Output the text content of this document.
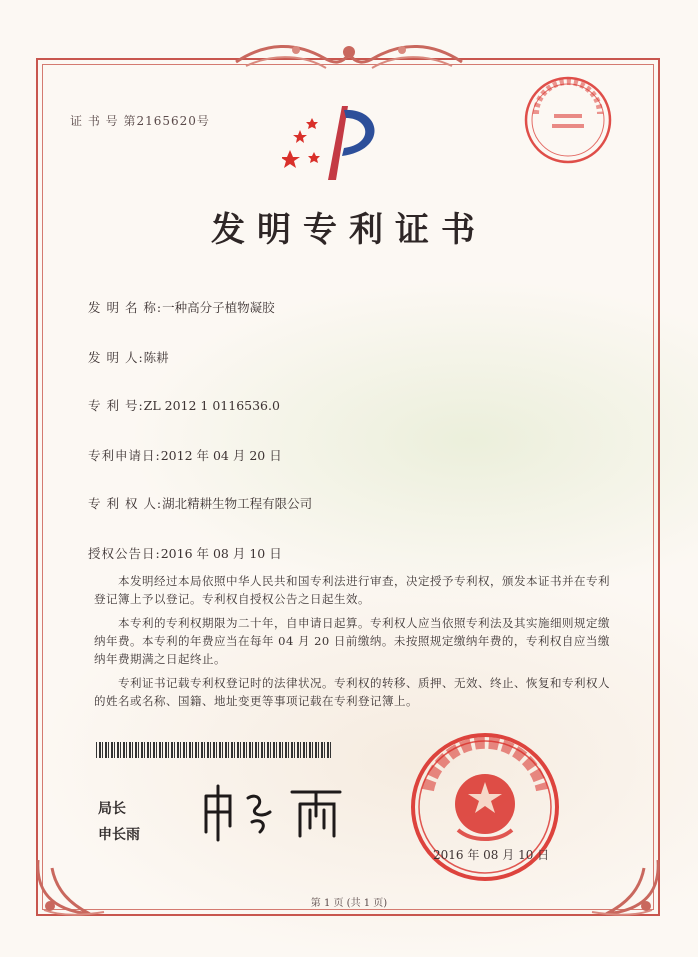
证 书 号 第2165620号
发明专利证书
发 明 名 称:一种高分子植物凝胶
发 明 人:陈耕
专 利 号:ZL 2012 1 0116536.0
专利申请日:2012 年 04 月 20 日
专 利 权 人:湖北精耕生物工程有限公司
授权公告日:2016 年 08 月 10 日

本发明经过本局依照中华人民共和国专利法进行审查，决定授予专利权，颁发本证书并在专利登记簿上予以登记。专利权自授权公告之日起生效。

本专利的专利权期限为二十年，自申请日起算。专利权人应当依照专利法及其实施细则规定缴纳年费。本专利的年费应当在每年 04 月 20 日前缴纳。未按照规定缴纳年费的，专利权自应当缴纳年费期满之日起终止。

专利证书记载专利权登记时的法律状况。专利权的转移、质押、无效、终止、恢复和专利权人的姓名或名称、国籍、地址变更等事项记载在专利登记簿上。

局长
申长雨
2016 年 08 月 10 日
第 1 页 (共 1 页)
